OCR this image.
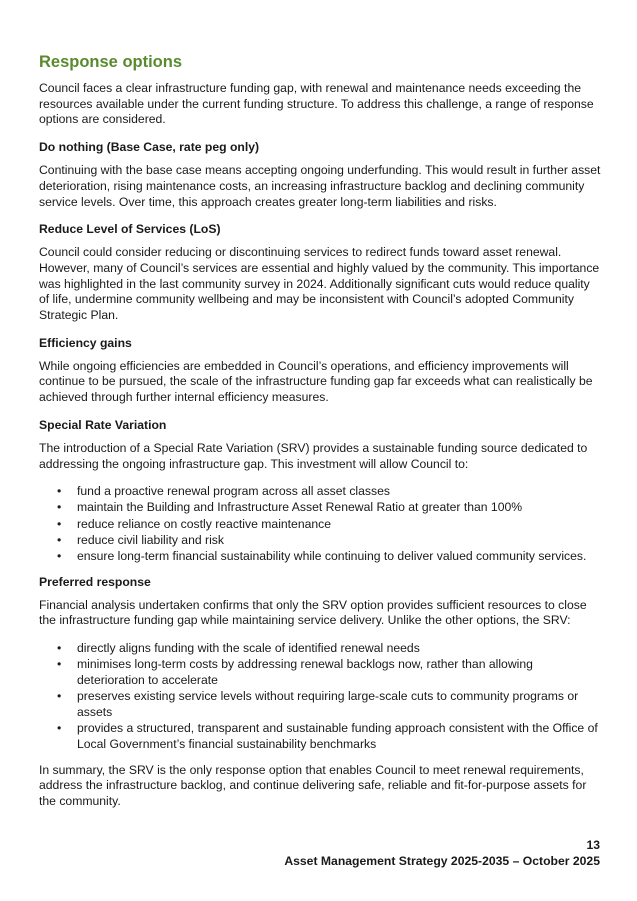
Response options

Council faces a clear infrastructure funding gap, with renewal and maintenance needs exceeding the resources available under the current funding structure. To address this challenge, a range of response options are considered.

Do nothing (Base Case, rate peg only)

Continuing with the base case means accepting ongoing underfunding. This would result in further asset deterioration, rising maintenance costs, an increasing infrastructure backlog and declining community service levels. Over time, this approach creates greater long-term liabilities and risks.

Reduce Level of Services (LoS)

Council could consider reducing or discontinuing services to redirect funds toward asset renewal. However, many of Council’s services are essential and highly valued by the community. This importance was highlighted in the last community survey in 2024. Additionally significant cuts would reduce quality of life, undermine community wellbeing and may be inconsistent with Council’s adopted Community Strategic Plan.

Efficiency gains

While ongoing efficiencies are embedded in Council’s operations, and efficiency improvements will continue to be pursued, the scale of the infrastructure funding gap far exceeds what can realistically be achieved through further internal efficiency measures.

Special Rate Variation

The introduction of a Special Rate Variation (SRV) provides a sustainable funding source dedicated to addressing the ongoing infrastructure gap. This investment will allow Council to:

• fund a proactive renewal program across all asset classes
• maintain the Building and Infrastructure Asset Renewal Ratio at greater than 100%
• reduce reliance on costly reactive maintenance
• reduce civil liability and risk
• ensure long-term financial sustainability while continuing to deliver valued community services.
Preferred response

Financial analysis undertaken confirms that only the SRV option provides sufficient resources to close the infrastructure funding gap while maintaining service delivery. Unlike the other options, the SRV:

• directly aligns funding with the scale of identified renewal needs
• minimises long-term costs by addressing renewal backlogs now, rather than allowing deterioration to accelerate
• preserves existing service levels without requiring large-scale cuts to community programs or assets
• provides a structured, transparent and sustainable funding approach consistent with the Office of Local Government’s financial sustainability benchmarks

In summary, the SRV is the only response option that enables Council to meet renewal requirements, address the infrastructure backlog, and continue delivering safe, reliable and fit-for-purpose assets for the community.

13
Asset Management Strategy 2025-2035 – October 2025
